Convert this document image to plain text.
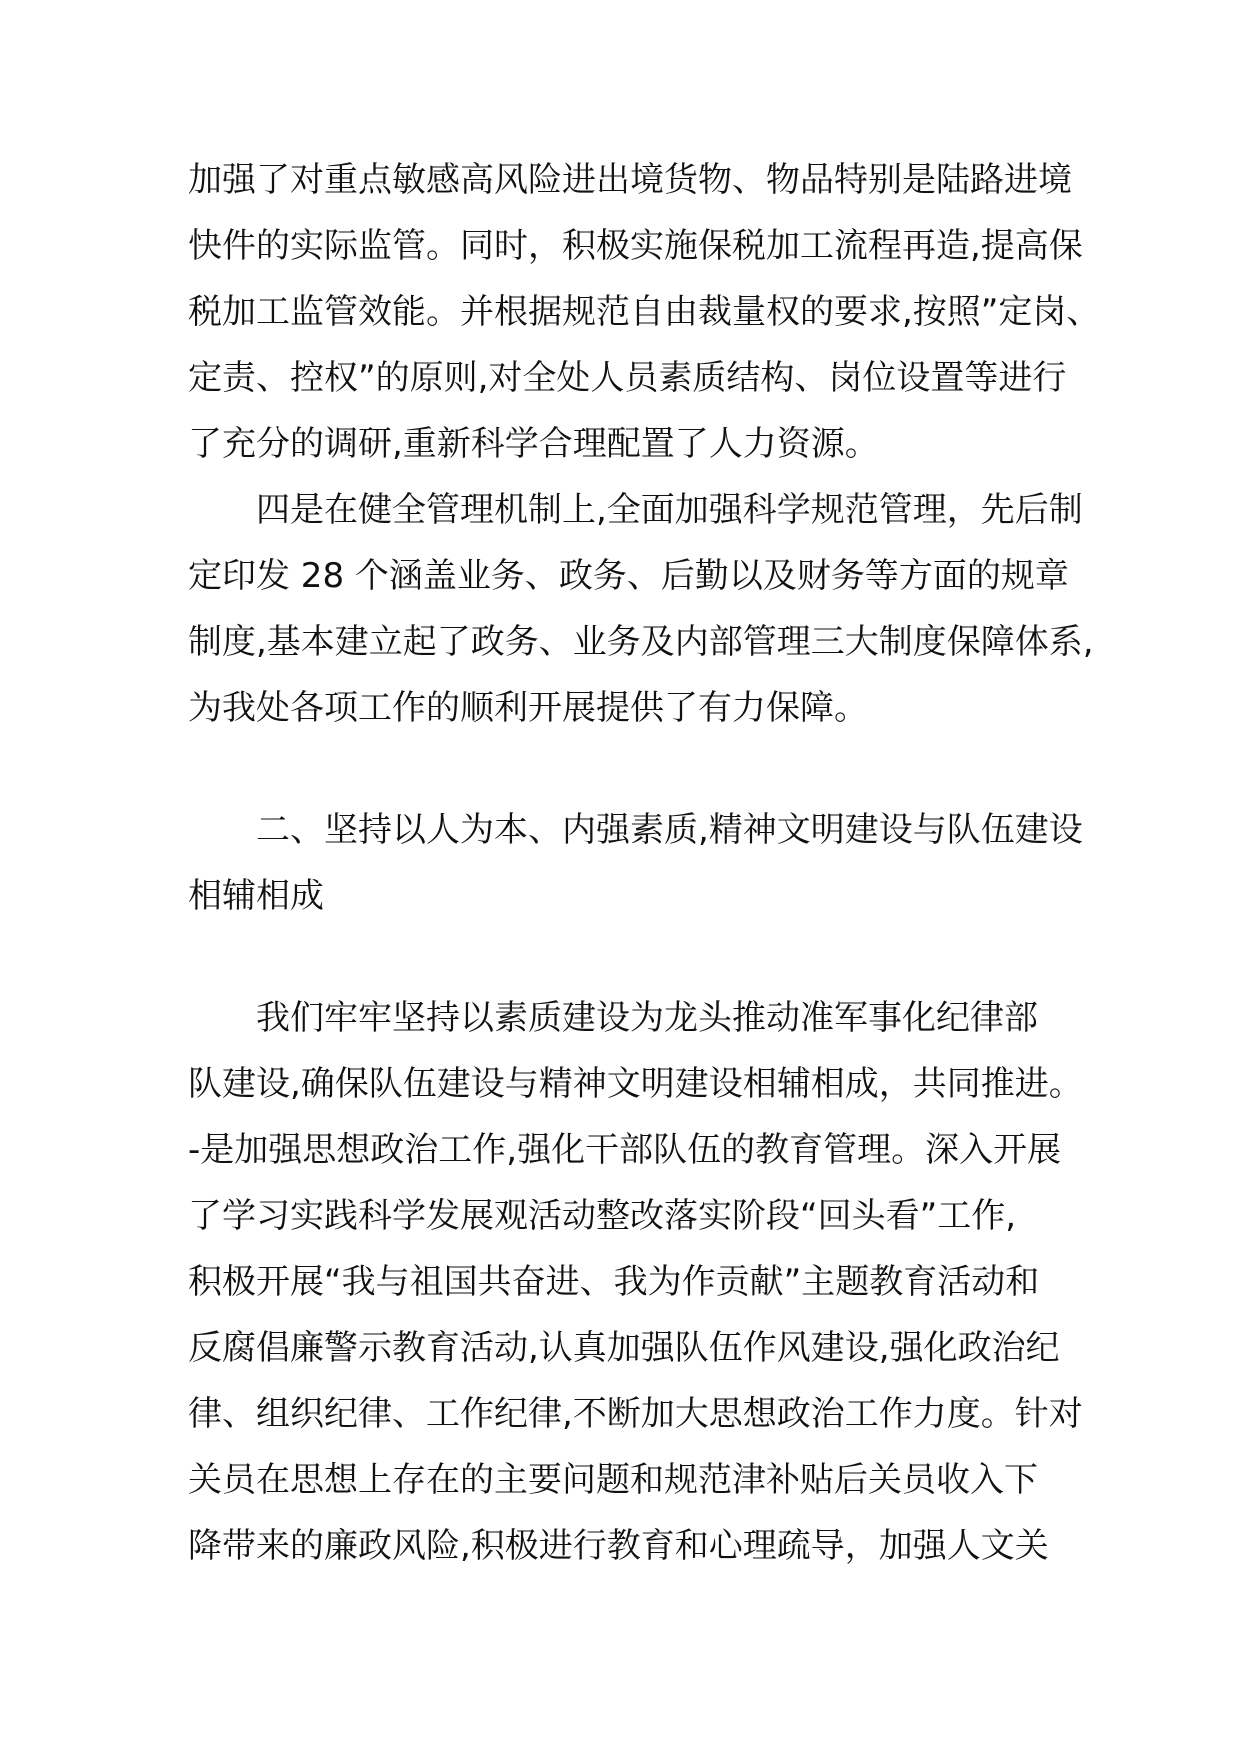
加强了对重点敏感高风险进出境货物、物品特别是陆路进境
快件的实际监管。同时，积极实施保税加工流程再造,提高保
税加工监管效能。并根据规范自由裁量权的要求,按照”定岗、
定责、控权”的原则,对全处人员素质结构、岗位设置等进行
了充分的调研,重新科学合理配置了人力资源。
四是在健全管理机制上,全面加强科学规范管理，先后制
定印发 28 个涵盖业务、政务、后勤以及财务等方面的规章
制度,基本建立起了政务、业务及内部管理三大制度保障体系,
为我处各项工作的顺利开展提供了有力保障。
二、坚持以人为本、内强素质,精神文明建设与队伍建设
相辅相成
我们牢牢坚持以素质建设为龙头推动准军事化纪律部
队建设,确保队伍建设与精神文明建设相辅相成，共同推进。
-是加强思想政治工作,强化干部队伍的教育管理。深入开展
了学习实践科学发展观活动整改落实阶段“回头看”工作,
积极开展“我与祖国共奋进、我为作贡献”主题教育活动和
反腐倡廉警示教育活动,认真加强队伍作风建设,强化政治纪
律、组织纪律、工作纪律,不断加大思想政治工作力度。针对
关员在思想上存在的主要问题和规范津补贴后关员收入下
降带来的廉政风险,积极进行教育和心理疏导，加强人文关
